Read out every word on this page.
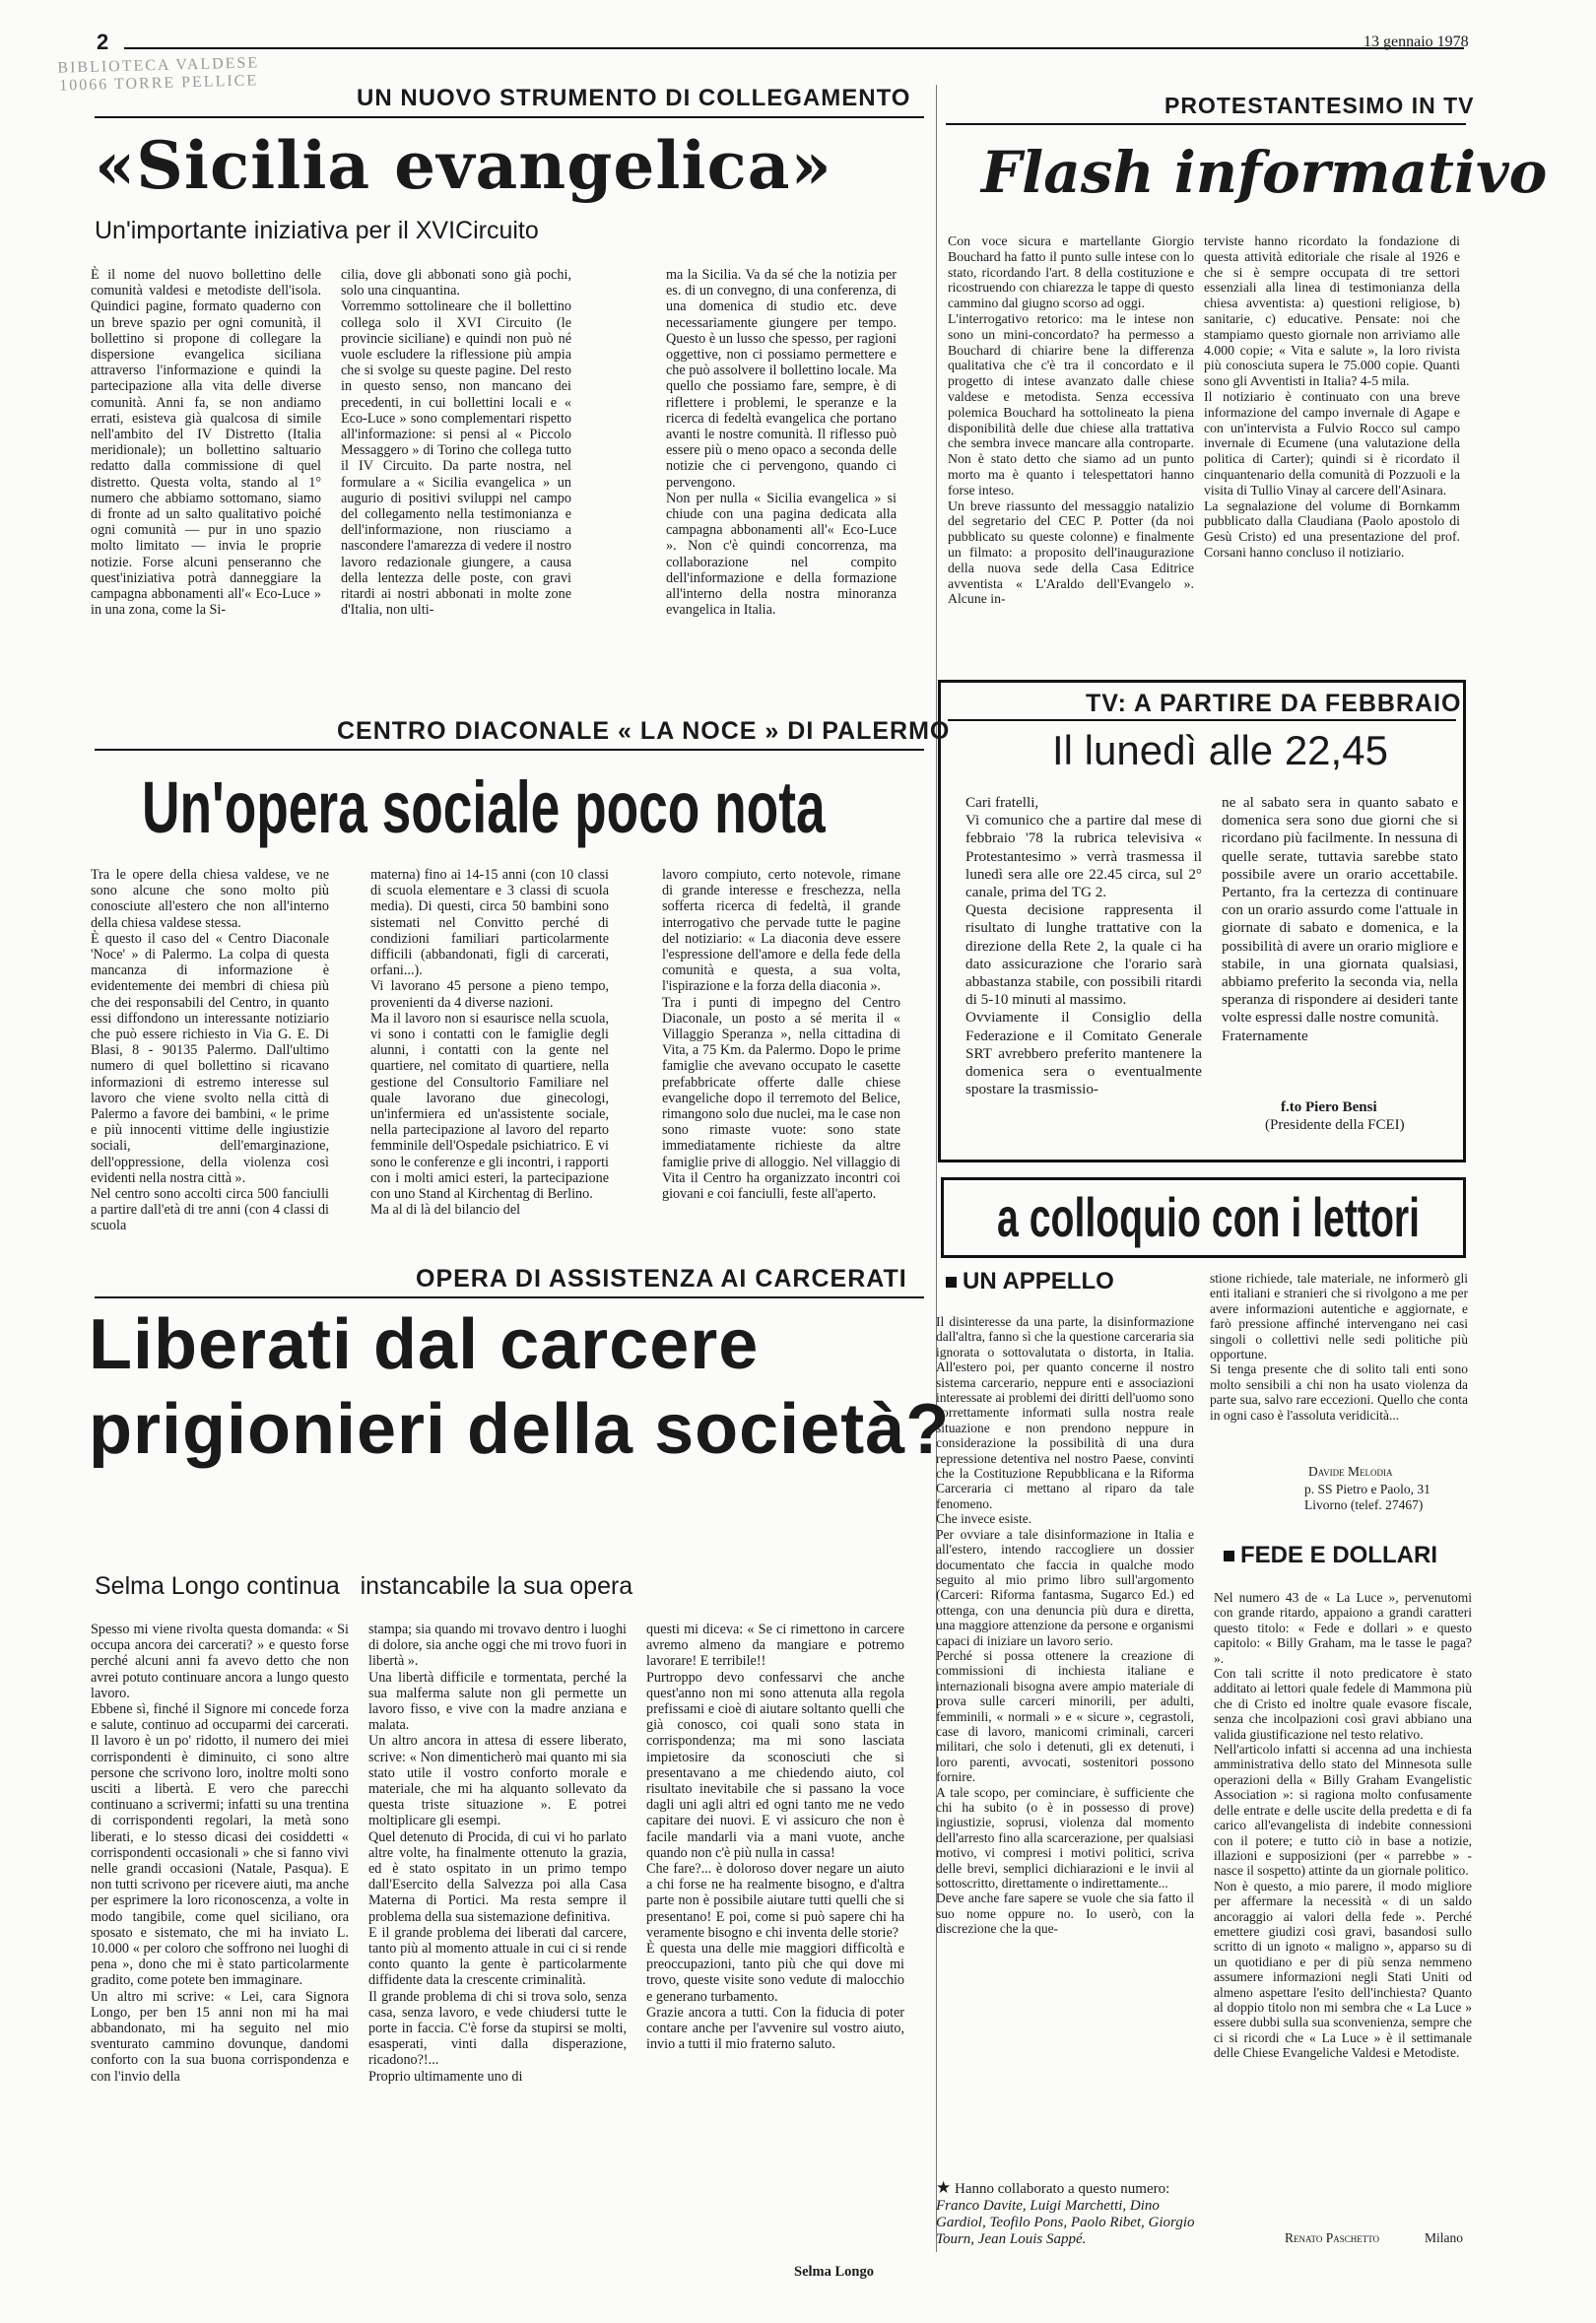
2	13 gennaio 1978
BIBLIOTECA VALDESE
10066 TORRE PELLICE
UN NUOVO STRUMENTO DI COLLEGAMENTO
«Sicilia evangelica»
Un'importante iniziativa per il XVICircuito
È il nome del nuovo bollettino delle comunità valdesi e metodiste dell'isola. Quindici pagine, formato quaderno con un breve spazio per ogni comunità, il bollettino si propone di collegare la dispersione evangelica siciliana attraverso l'informazione e quindi la partecipazione alla vita delle diverse comunità. Anni fa, se non andiamo errati, esisteva già qualcosa di simile nell'ambito del IV Distretto (Italia meridionale); un bollettino saltuario redatto dalla commissione di quel distretto. Questa volta, stando al 1° numero che abbiamo sottomano, siamo di fronte ad un salto qualitativo poiché ogni comunità — pur in uno spazio molto limitato — invia le proprie notizie. Forse alcuni penseranno che quest'iniziativa potrà danneggiare la campagna abbonamenti all'« Eco-Luce » in una zona, come la Si-
cilia, dove gli abbonati sono già pochi, solo una cinquantina.
Vorremmo sottolineare che il bollettino collega solo il XVI Circuito (le provincie siciliane) e quindi non può né vuole escludere la riflessione più ampia che si svolge su queste pagine. Del resto in questo senso, non mancano dei precedenti, in cui bollettini locali e « Eco-Luce » sono complementari rispetto all'informazione: si pensi al « Piccolo Messaggero » di Torino che collega tutto il IV Circuito. Da parte nostra, nel formulare a « Sicilia evangelica » un augurio di positivi sviluppi nel campo del collegamento nella testimonianza e dell'informazione, non riusciamo a nascondere l'amarezza di vedere il nostro lavoro redazionale giungere, a causa della lentezza delle poste, con gravi ritardi ai nostri abbonati in molte zone d'Italia, non ulti-
ma la Sicilia. Va da sé che la notizia per es. di un convegno, di una conferenza, di una domenica di studio etc. deve necessariamente giungere per tempo. Questo è un lusso che spesso, per ragioni oggettive, non ci possiamo permettere e che può assolvere il bollettino locale. Ma quello che possiamo fare, sempre, è di riflettere i problemi, le speranze e la ricerca di fedeltà evangelica che portano avanti le nostre comunità. Il riflesso può essere più o meno opaco a seconda delle notizie che ci pervengono, quando ci pervengono.
Non per nulla « Sicilia evangelica » si chiude con una pagina dedicata alla campagna abbonamenti all'« Eco-Luce ». Non c'è quindi concorrenza, ma collaborazione nel compito dell'informazione e della formazione all'interno della nostra minoranza evangelica in Italia.
PROTESTANTESIMO IN TV
Flash informativo
Con voce sicura e martellante Giorgio Bouchard ha fatto il punto sulle intese con lo stato, ricordando l'art. 8 della costituzione e ricostruendo con chiarezza le tappe di questo cammino dal giugno scorso ad oggi.
L'interrogativo retorico: ma le intese non sono un mini-concordato? ha permesso a Bouchard di chiarire bene la differenza qualitativa che c'è tra il concordato e il progetto di intese avanzato dalle chiese valdese e metodista. Senza eccessiva polemica Bouchard ha sottolineato la piena disponibilità delle due chiese alla trattativa che sembra invece mancare alla controparte. Non è stato detto che siamo ad un punto morto ma è quanto i telespettatori hanno forse inteso.
Un breve riassunto del messaggio natalizio del segretario del CEC P. Potter (da noi pubblicato su queste colonne) e finalmente un filmato: a proposito dell'inaugurazione della nuova sede della Casa Editrice avventista « L'Araldo dell'Evangelo ». Alcune in-
terviste hanno ricordato la fondazione di questa attività editoriale che risale al 1926 e che si è sempre occupata di tre settori essenziali alla linea di testimonianza della chiesa avventista: a) questioni religiose, b) sanitarie, c) educative. Pensate: noi che stampiamo questo giornale non arriviamo alle 4.000 copie; « Vita e salute », la loro rivista più conosciuta supera le 75.000 copie. Quanti sono gli Avventisti in Italia? 4-5 mila.
Il notiziario è continuato con una breve informazione del campo invernale di Agape e con un'intervista a Fulvio Rocco sul campo invernale di Ecumene (una valutazione della politica di Carter); quindi si è ricordato il cinquantenario della comunità di Pozzuoli e la visita di Tullio Vinay al carcere dell'Asinara.
La segnalazione del volume di Bornkamm pubblicato dalla Claudiana (Paolo apostolo di Gesù Cristo) ed una presentazione del prof. Corsani hanno concluso il notiziario.
TV: A PARTIRE DA FEBBRAIO
Il lunedì alle 22,45
Cari fratelli,
Vi comunico che a partire dal mese di febbraio '78 la rubrica televisiva « Protestantesimo » verrà trasmessa il lunedì sera alle ore 22.45 circa, sul 2° canale, prima del TG 2.
Questa decisione rappresenta il risultato di lunghe trattative con la direzione della Rete 2, la quale ci ha dato assicurazione che l'orario sarà abbastanza stabile, con possibili ritardi di 5-10 minuti al massimo.
Ovviamente il Consiglio della Federazione e il Comitato Generale SRT avrebbero preferito mantenere la domenica sera o eventualmente spostare la trasmissio-
ne al sabato sera in quanto sabato e domenica sera sono due giorni che si ricordano più facilmente. In nessuna di quelle serate, tuttavia sarebbe stato possibile avere un orario accettabile. Pertanto, fra la certezza di continuare con un orario assurdo come l'attuale in giornate di sabato e domenica, e la possibilità di avere un orario migliore e stabile, in una giornata qualsiasi, abbiamo preferito la seconda via, nella speranza di rispondere ai desideri tante volte espressi dalle nostre comunità.
Fraternamente
f.to Piero Bensi
(Presidente della FCEI)
CENTRO DIACONALE « LA NOCE » DI PALERMO
Un'opera sociale poco nota
Tra le opere della chiesa valdese, ve ne sono alcune che sono molto più conosciute all'estero che non all'interno della chiesa valdese stessa.
È questo il caso del « Centro Diaconale 'Noce' » di Palermo. La colpa di questa mancanza di informazione è evidentemente dei membri di chiesa più che dei responsabili del Centro, in quanto essi diffondono un interessante notiziario che può essere richiesto in Via G. E. Di Blasi, 8 - 90135 Palermo. Dall'ultimo numero di quel bollettino si ricavano informazioni di estremo interesse sul lavoro che viene svolto nella città di Palermo a favore dei bambini, « le prime e più innocenti vittime delle ingiustizie sociali, dell'emarginazione, dell'oppressione, della violenza così evidenti nella nostra città ».
Nel centro sono accolti circa 500 fanciulli a partire dall'età di tre anni (con 4 classi di scuola
materna) fino ai 14-15 anni (con 10 classi di scuola elementare e 3 classi di scuola media). Di questi, circa 50 bambini sono sistemati nel Convitto perché di condizioni familiari particolarmente difficili (abbandonati, figli di carcerati, orfani...).
Vi lavorano 45 persone a pieno tempo, provenienti da 4 diverse nazioni.
Ma il lavoro non si esaurisce nella scuola, vi sono i contatti con le famiglie degli alunni, i contatti con la gente nel quartiere, nel comitato di quartiere, nella gestione del Consultorio Familiare nel quale lavorano due ginecologi, un'infermiera ed un'assistente sociale, nella partecipazione al lavoro del reparto femminile dell'Ospedale psichiatrico. E vi sono le conferenze e gli incontri, i rapporti con i molti amici esteri, la partecipazione con uno Stand al Kirchentag di Berlino.
Ma al di là del bilancio del
lavoro compiuto, certo notevole, rimane di grande interesse e freschezza, nella sofferta ricerca di fedeltà, il grande interrogativo che pervade tutte le pagine del notiziario: « La diaconia deve essere l'espressione dell'amore e della fede della comunità e questa, a sua volta, l'ispirazione e la forza della diaconia ».
Tra i punti di impegno del Centro Diaconale, un posto a sé merita il « Villaggio Speranza », nella cittadina di Vita, a 75 Km. da Palermo. Dopo le prime famiglie che avevano occupato le casette prefabbricate offerte dalle chiese evangeliche dopo il terremoto del Belice, rimangono solo due nuclei, ma le case non sono rimaste vuote: sono state immediatamente richieste da altre famiglie prive di alloggio. Nel villaggio di Vita il Centro ha organizzato incontri coi giovani e coi fanciulli, feste all'aperto.	a colloquio con i lettori
UN APPELLO
Il disinteresse da una parte, la disinformazione dall'altra, fanno sì che la questione carceraria sia ignorata o sottovalutata o distorta, in Italia. All'estero poi, per quanto concerne il nostro sistema carcerario, neppure enti e associazioni interessate ai problemi dei diritti dell'uomo sono correttamente informati sulla nostra reale situazione e non prendono neppure in considerazione la possibilità di una dura repressione detentiva nel nostro Paese, convinti che la Costituzione Repubblicana e la Riforma Carceraria ci mettano al riparo da tale fenomeno.
Che invece esiste.
Per ovviare a tale disinformazione in Italia e all'estero, intendo raccogliere un dossier documentato che faccia in qualche modo seguito al mio primo libro sull'argomento (Carceri: Riforma fantasma, Sugarco Ed.) ed ottenga, con una denuncia più dura e diretta, una maggiore attenzione da persone e organismi capaci di iniziare un lavoro serio.
Perché si possa ottenere la creazione di commissioni di inchiesta italiane e internazionali bisogna avere ampio materiale di prova sulle carceri minorili, per adulti, femminili, « normali » e « sicure », cegrastoli, case di lavoro, manicomi criminali, carceri militari, che solo i detenuti, gli ex detenuti, i loro parenti, avvocati, sostenitori possono fornire.
A tale scopo, per cominciare, è sufficiente che chi ha subito (o è in possesso di prove) ingiustizie, soprusi, violenza dal momento dell'arresto fino alla scarcerazione, per qualsiasi motivo, vi compresi i motivi politici, scriva delle brevi, semplici dichiarazioni e le invii al sottoscritto, direttamente o indirettamente...
Deve anche fare sapere se vuole che sia fatto il suo nome oppure no. Io userò, con la discrezione che la que-
stione richiede, tale materiale, ne informerò gli enti italiani e stranieri che si rivolgono a me per avere informazioni autentiche e aggiornate, e farò pressione affinché intervengano nei casi singoli o collettivi nelle sedi politiche più opportune.
Si tenga presente che di solito tali enti sono molto sensibili a chi non ha usato violenza da parte sua, salvo rare eccezioni. Quello che conta in ogni caso è l'assoluta veridicità...
Davide Melodia
p. SS Pietro e Paolo, 31
Livorno (telef. 27467)
FEDE E DOLLARI
Nel numero 43 de « La Luce », pervenutomi con grande ritardo, appaiono a grandi caratteri questo titolo: « Fede e dollari » e questo capitolo: « Billy Graham, ma le tasse le paga? ».
Con tali scritte il noto predicatore è stato additato ai lettori quale fedele di Mammona più che di Cristo ed inoltre quale evasore fiscale, senza che incolpazioni così gravi abbiano una valida giustificazione nel testo relativo.
Nell'articolo infatti si accenna ad una inchiesta amministrativa dello stato del Minnesota sulle operazioni della « Billy Graham Evangelistic Association »: si ragiona molto confusamente delle entrate e delle uscite della predetta e di fa carico all'evangelista di indebite connessioni con il potere; e tutto ciò in base a notizie, illazioni e supposizioni (per « parrebbe » - nasce il sospetto) attinte da un giornale politico.
Non è questo, a mio parere, il modo migliore per affermare la necessità « di un saldo ancoraggio ai valori della fede ». Perché emettere giudizi così gravi, basandosi sullo scritto di un ignoto « maligno », apparso su di un quotidiano e per di più senza nemmeno assumere informazioni negli Stati Uniti od almeno aspettare l'esito dell'inchiesta? Quanto al doppio titolo non mi sembra che « La Luce » essere dubbi sulla sua sconvenienza, sempre che ci si ricordi che « La Luce » è il settimanale delle Chiese Evangeliche Valdesi e Metodiste.
Renato Paschetto	Milano
★ Hanno collaborato a questo numero: Franco Davite, Luigi Marchetti, Dino Gardiol, Teofilo Pons, Paolo Ribet, Giorgio Tourn, Jean Louis Sappé.
OPERA DI ASSISTENZA AI CARCERATI
Liberati dal carcere
prigionieri della società?
Selma Longo continua   instancabile la sua opera
Spesso mi viene rivolta questa domanda: « Si occupa ancora dei carcerati? » e questo forse perché alcuni anni fa avevo detto che non avrei potuto continuare ancora a lungo questo lavoro.
Ebbene sì, finché il Signore mi concede forza e salute, continuo ad occuparmi dei carcerati. Il lavoro è un po' ridotto, il numero dei miei corrispondenti è diminuito, ci sono altre persone che scrivono loro, inoltre molti sono usciti a libertà. E vero che parecchi continuano a scrivermi; infatti su una trentina di corrispondenti regolari, la metà sono liberati, e lo stesso dicasi dei cosiddetti « corrispondenti occasionali » che si fanno vivi nelle grandi occasioni (Natale, Pasqua). E non tutti scrivono per ricevere aiuti, ma anche per esprimere la loro riconoscenza, a volte in modo tangibile, come quel siciliano, ora sposato e sistemato, che mi ha inviato L. 10.000 « per coloro che soffrono nei luoghi di pena », dono che mi è stato particolarmente gradito, come potete ben immaginare.
Un altro mi scrive: « Lei, cara Signora Longo, per ben 15 anni non mi ha mai abbandonato, mi ha seguito nel mio sventurato cammino dovunque, dandomi conforto con la sua buona corrispondenza e con l'invio della
stampa; sia quando mi trovavo dentro i luoghi di dolore, sia anche oggi che mi trovo fuori in libertà ».
Una libertà difficile e tormentata, perché la sua malferma salute non gli permette un lavoro fisso, e vive con la madre anziana e malata.
Un altro ancora in attesa di essere liberato, scrive: « Non dimenticherò mai quanto mi sia stato utile il vostro conforto morale e materiale, che mi ha alquanto sollevato da questa triste situazione ». E potrei moltiplicare gli esempi.
Quel detenuto di Procida, di cui vi ho parlato altre volte, ha finalmente ottenuto la grazia, ed è stato ospitato in un primo tempo dall'Esercito della Salvezza poi alla Casa Materna di Portici. Ma resta sempre il problema della sua sistemazione definitiva.
E il grande problema dei liberati dal carcere, tanto più al momento attuale in cui ci si rende conto quanto la gente è particolarmente diffidente data la crescente criminalità.
Il grande problema di chi si trova solo, senza casa, senza lavoro, e vede chiudersi tutte le porte in faccia. C'è forse da stupirsi se molti, esasperati, vinti dalla disperazione, ricadono?!...
Proprio ultimamente uno di
questi mi diceva: « Se ci rimettono in carcere avremo almeno da mangiare e potremo lavorare! E terribile!!
Purtroppo devo confessarvi che anche quest'anno non mi sono attenuta alla regola prefissami e cioè di aiutare soltanto quelli che già conosco, coi quali sono stata in corrispondenza; ma mi sono lasciata impietosire da sconosciuti che si presentavano a me chiedendo aiuto, col risultato inevitabile che si passano la voce dagli uni agli altri ed ogni tanto me ne vedo capitare dei nuovi. E vi assicuro che non è facile mandarli via a mani vuote, anche quando non c'è più nulla in cassa!
Che fare?... è doloroso dover negare un aiuto a chi forse ne ha realmente bisogno, e d'altra parte non è possibile aiutare tutti quelli che si presentano! E poi, come si può sapere chi ha veramente bisogno e chi inventa delle storie?
È questa una delle mie maggiori difficoltà e preoccupazioni, tanto più che qui dove mi trovo, queste visite sono vedute di malocchio e generano turbamento.
Grazie ancora a tutti. Con la fiducia di poter contare anche per l'avvenire sul vostro aiuto, invio a tutti il mio fraterno saluto.
Selma Longo
